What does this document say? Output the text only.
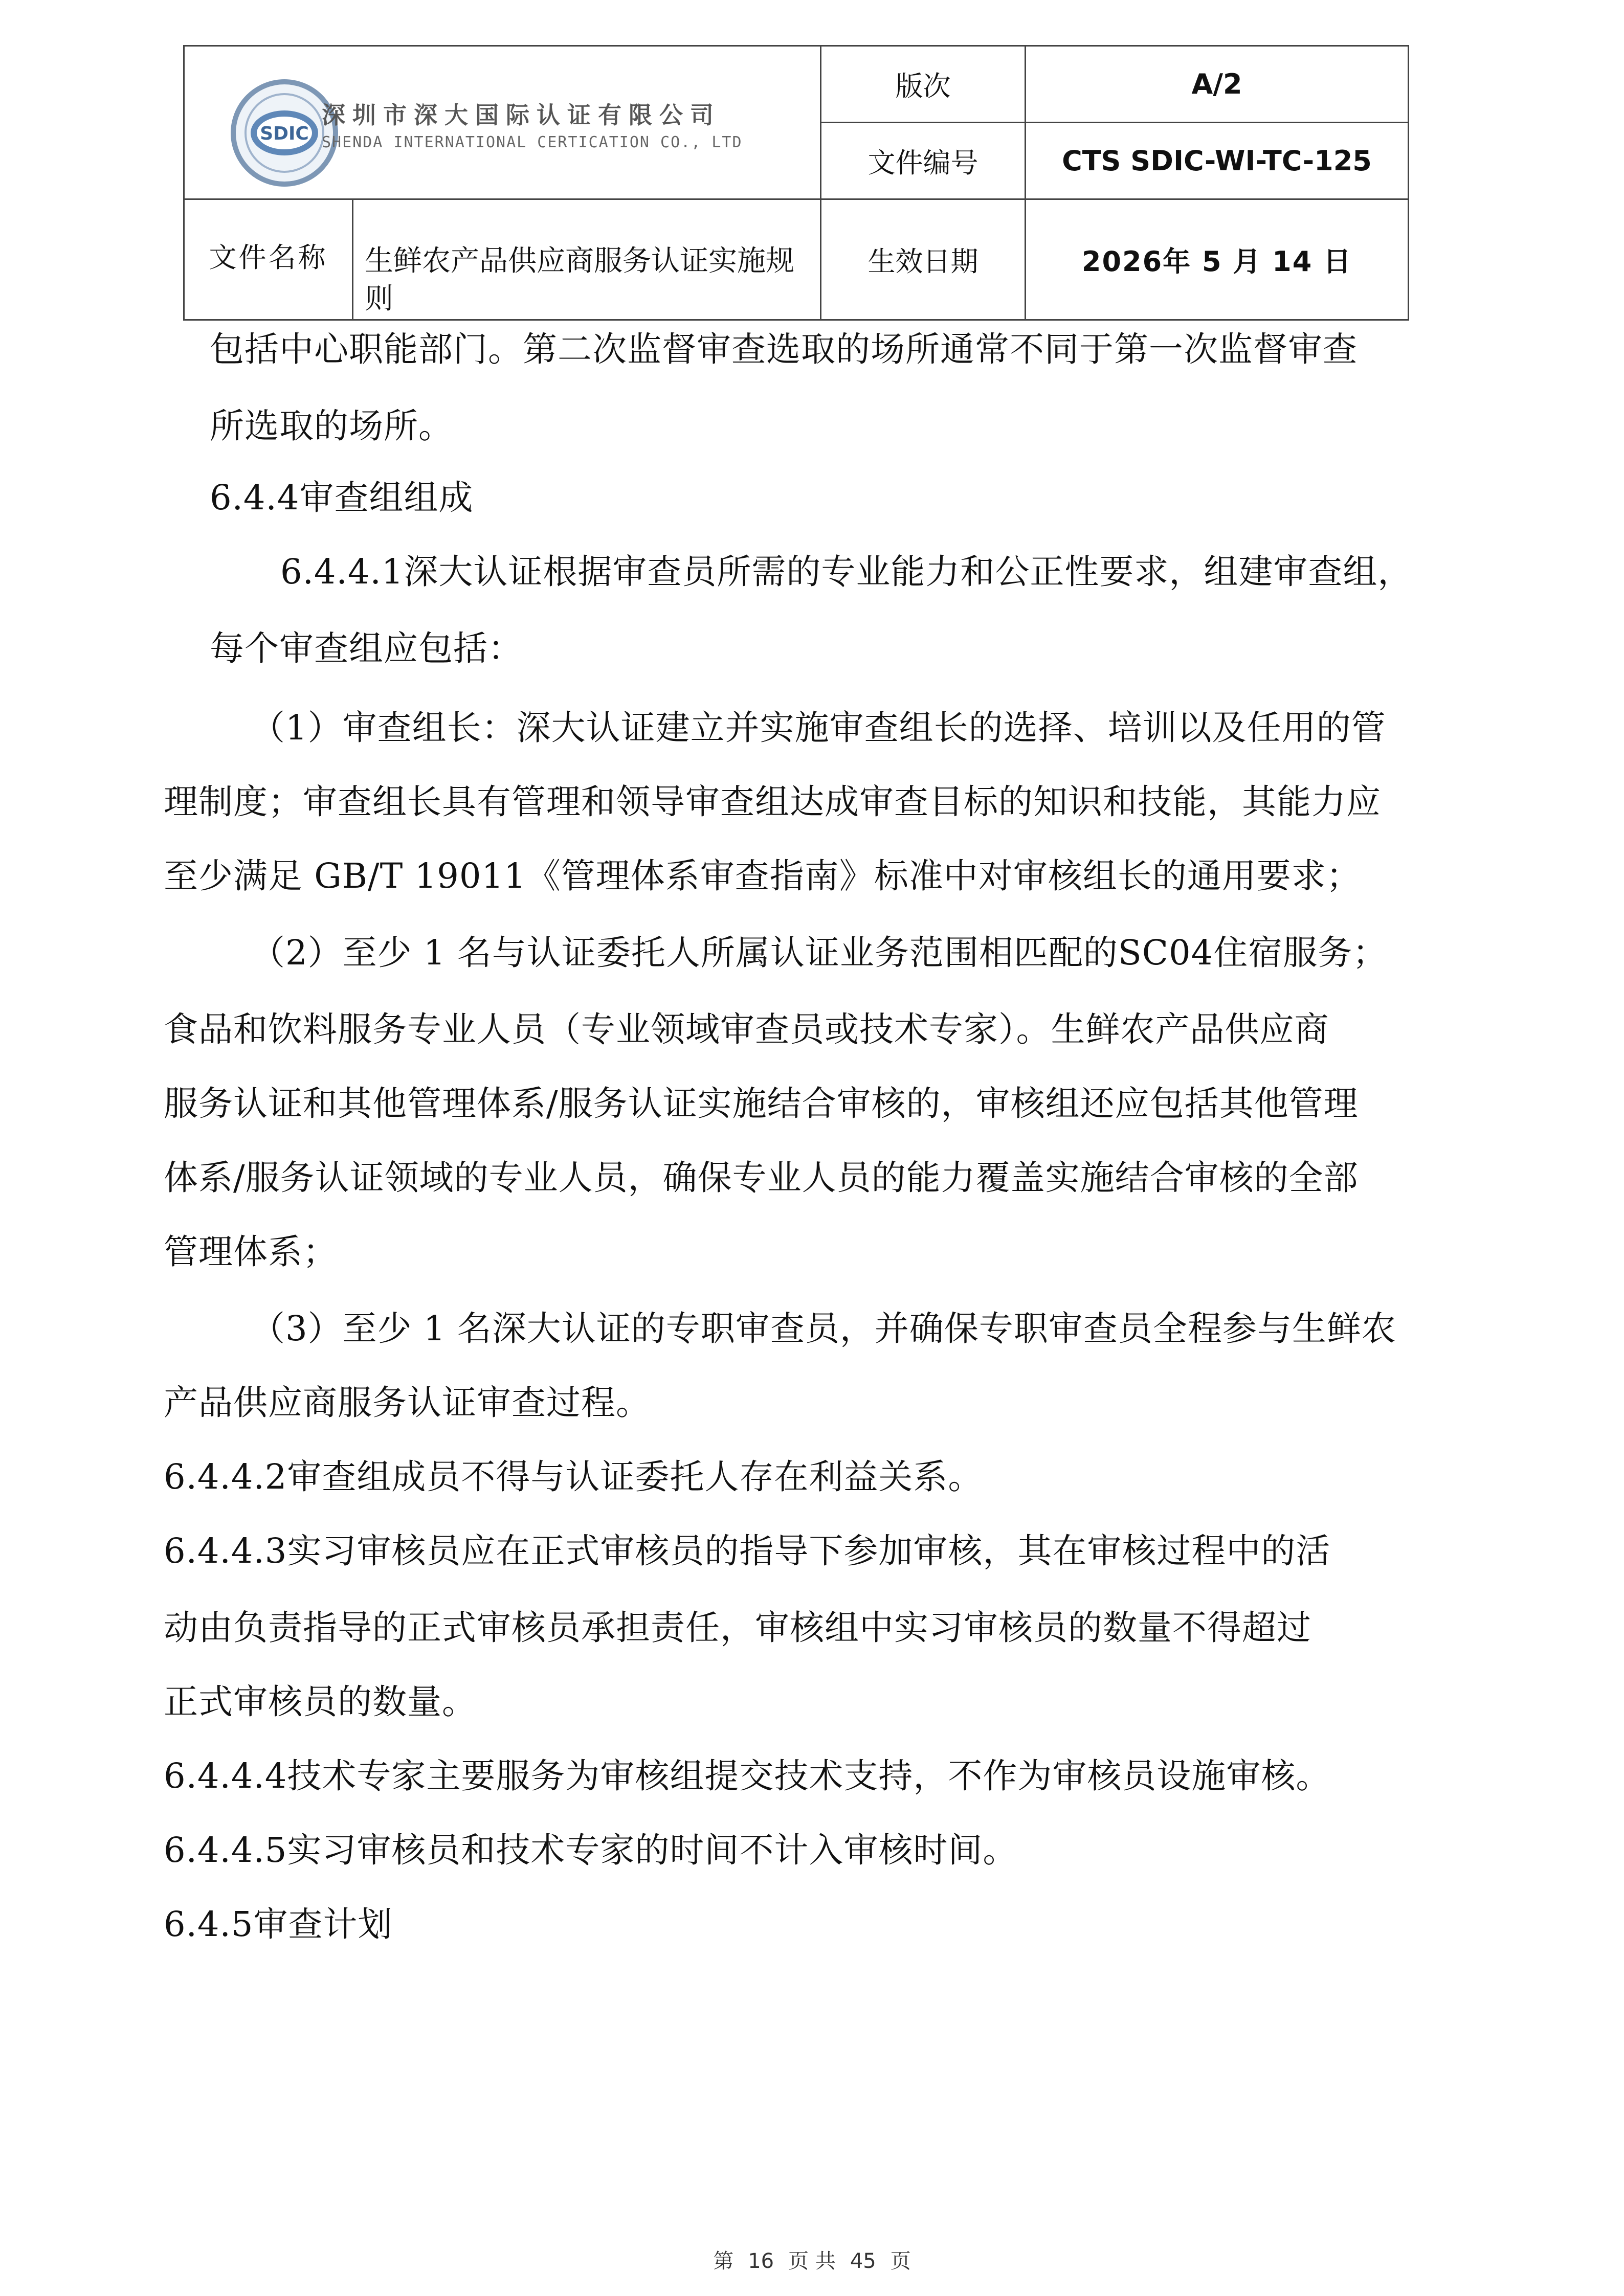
SDIC
深圳市深大国际认证有限公司
SHENDA INTERNATIONAL CERTICATION CO., LTD		版次	A/2
		文件编号	CTS SDIC-WI-TC-125
文件名称	生鲜农产品供应商服务认证实施规则	生效日期	2026年 5 月 14 日
包括中心职能部门。第二次监督审查选取的场所通常不同于第一次监督审查
所选取的场所。
6.4.4审查组组成
6.4.4.1深大认证根据审查员所需的专业能力和公正性要求，组建审查组，
每个审查组应包括：
（1）审查组长：深大认证建立并实施审查组长的选择、培训以及任用的管
理制度；审查组长具有管理和领导审查组达成审查目标的知识和技能，其能力应
至少满足 GB/T 19011《管理体系审查指南》标准中对审核组长的通用要求；
（2）至少 1 名与认证委托人所属认证业务范围相匹配的SC04住宿服务；
食品和饮料服务专业人员（专业领域审查员或技术专家）。生鲜农产品供应商
服务认证和其他管理体系/服务认证实施结合审核的，审核组还应包括其他管理
体系/服务认证领域的专业人员，确保专业人员的能力覆盖实施结合审核的全部
管理体系；
（3）至少 1 名深大认证的专职审查员，并确保专职审查员全程参与生鲜农
产品供应商服务认证审查过程。
6.4.4.2审查组成员不得与认证委托人存在利益关系。
6.4.4.3实习审核员应在正式审核员的指导下参加审核，其在审核过程中的活
动由负责指导的正式审核员承担责任，审核组中实习审核员的数量不得超过
正式审核员的数量。
6.4.4.4技术专家主要服务为审核组提交技术支持，不作为审核员设施审核。
6.4.4.5实习审核员和技术专家的时间不计入审核时间。
6.4.5审查计划
第 16 页 共 45 页
